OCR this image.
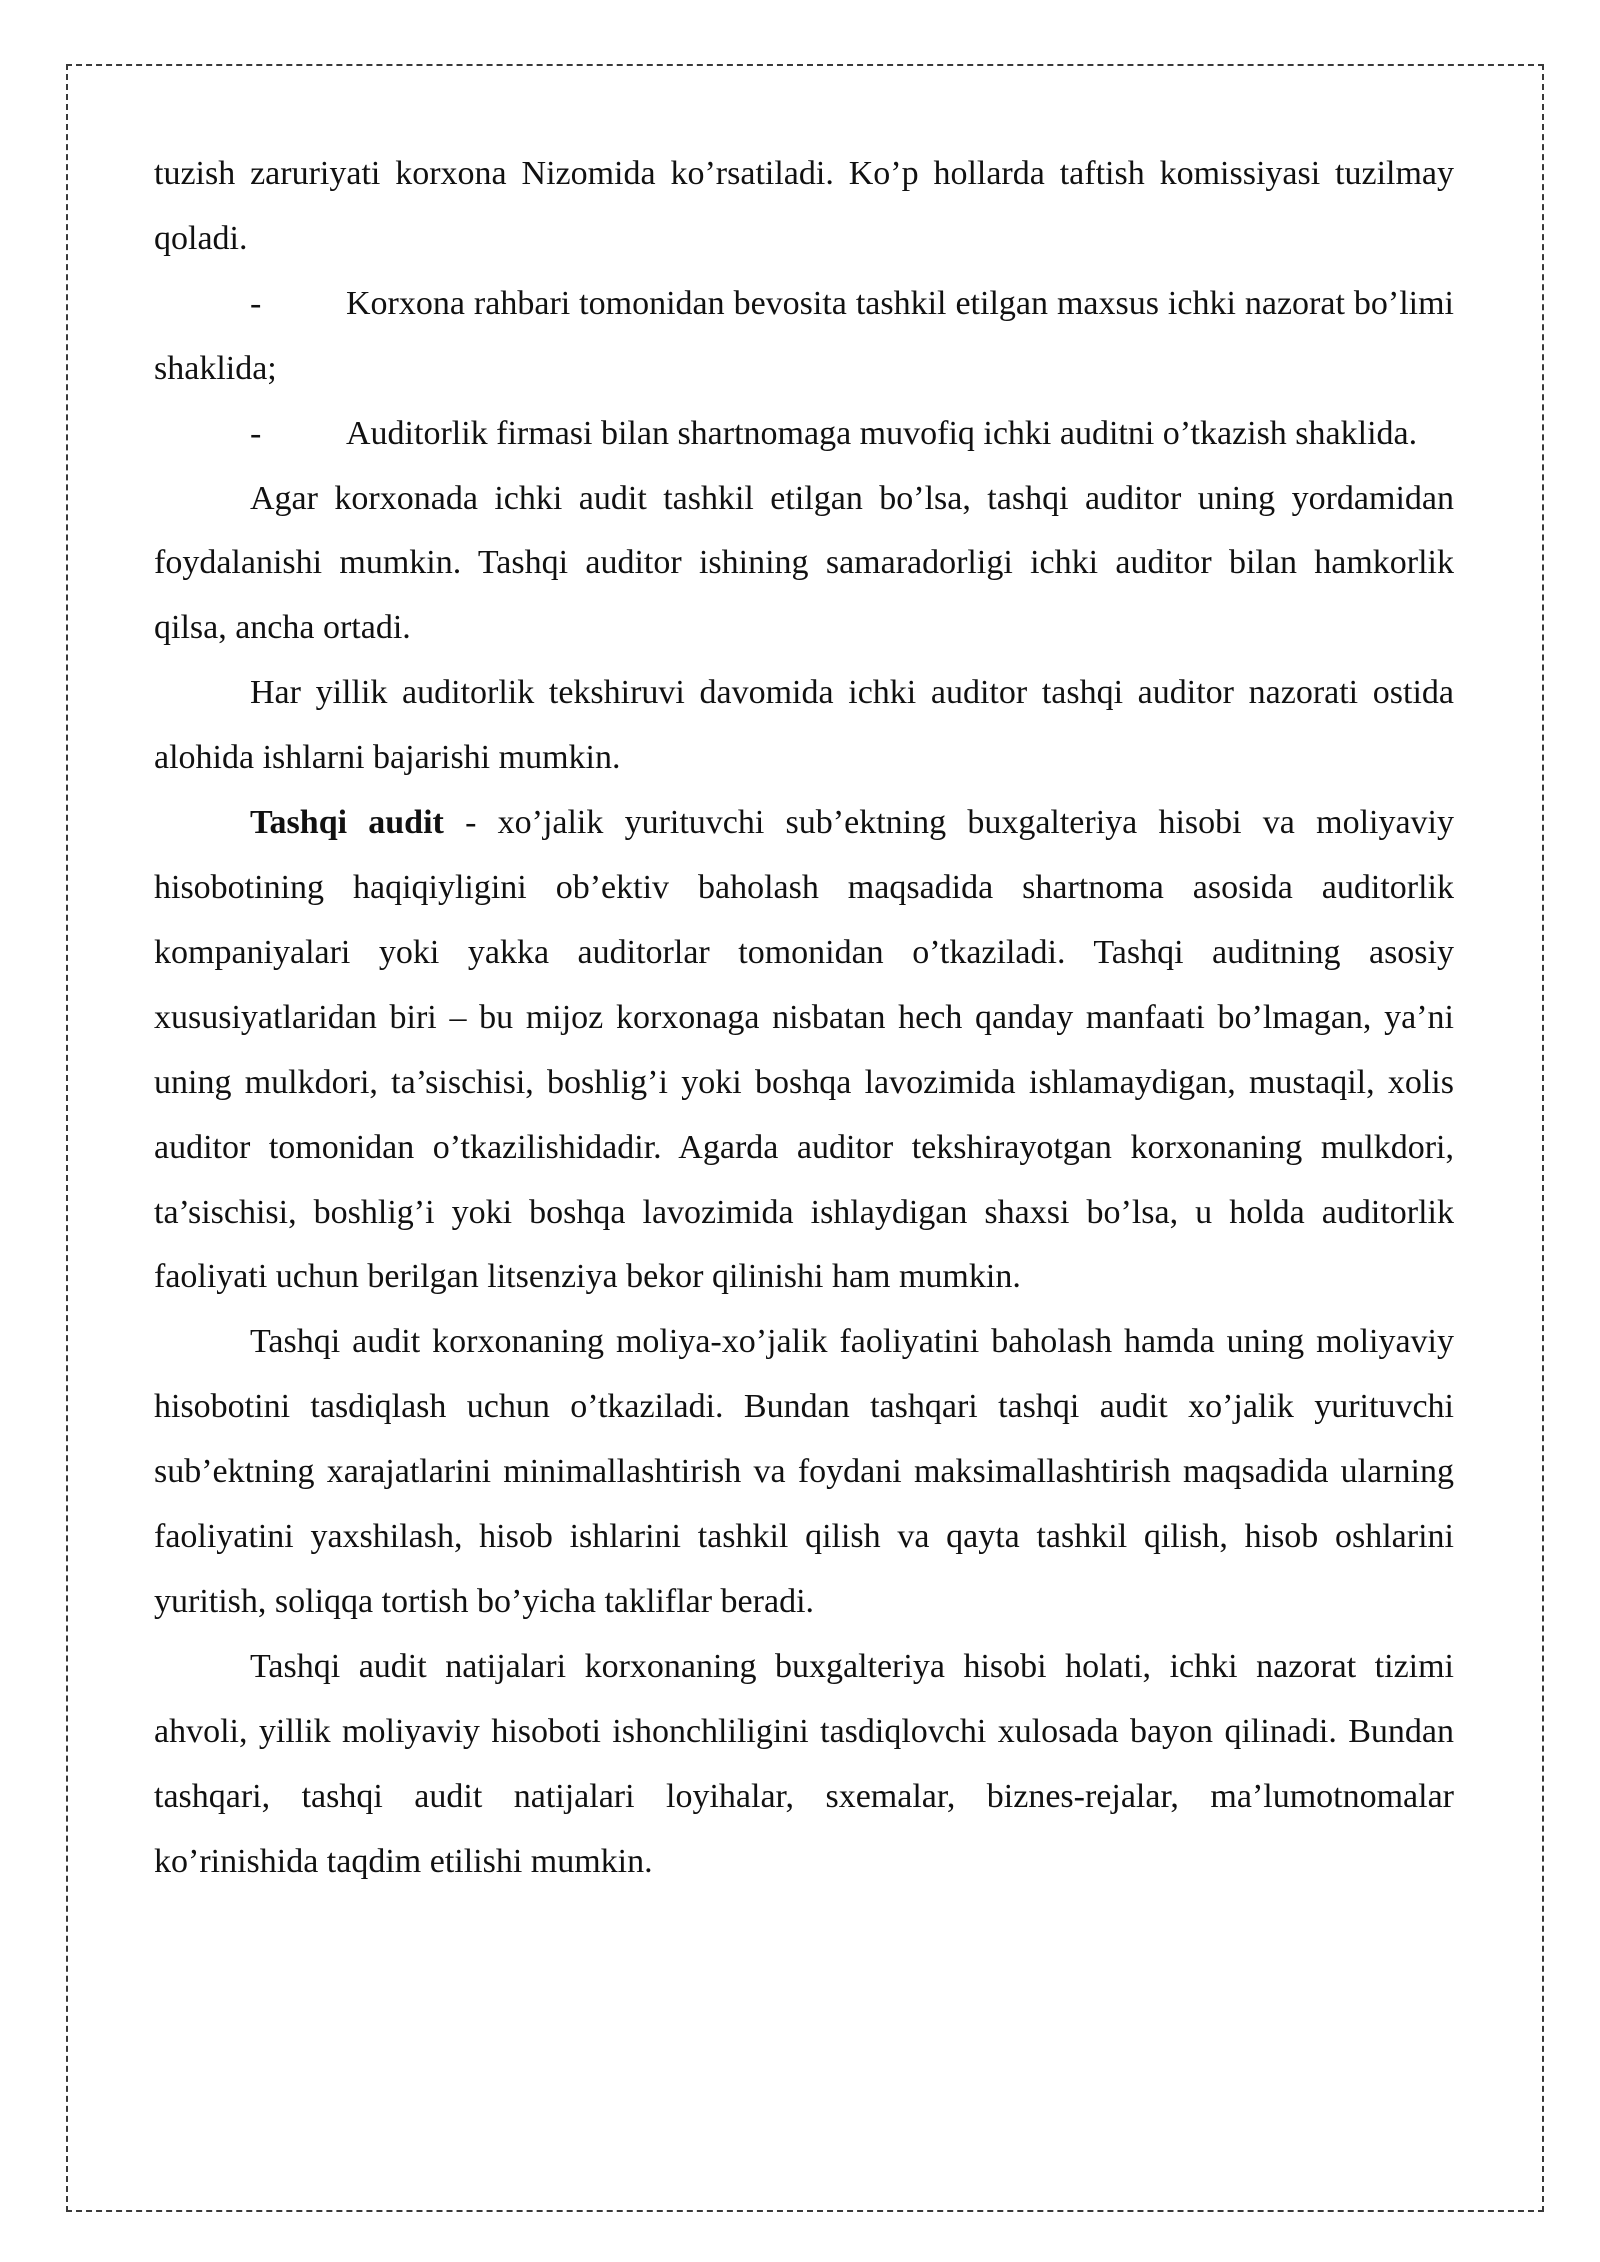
tuzish zaruriyati korxona Nizomida ko’rsatiladi. Ko’p hollarda taftish komissiyasi tuzilmay qoladi.

- Korxona rahbari tomonidan bevosita tashkil etilgan maxsus ichki nazorat bo’limi shaklida;

- Auditorlik firmasi bilan shartnomaga muvofiq ichki auditni o’tkazish shaklida.

Agar korxonada ichki audit tashkil etilgan bo’lsa, tashqi auditor uning yordamidan foydalanishi mumkin. Tashqi auditor ishining samaradorligi ichki auditor bilan hamkorlik qilsa, ancha ortadi.

Har yillik auditorlik tekshiruvi davomida ichki auditor tashqi auditor nazorati ostida alohida ishlarni bajarishi mumkin.

Tashqi audit - xo’jalik yurituvchi sub’ektning buxgalteriya hisobi va moliyaviy hisobotining haqiqiyligini ob’ektiv baholash maqsadida shartnoma asosida auditorlik kompaniyalari yoki yakka auditorlar tomonidan o’tkaziladi. Tashqi auditning asosiy xususiyatlaridan biri – bu mijoz korxonaga nisbatan hech qanday manfaati bo’lmagan, ya’ni uning mulkdori, ta’sischisi, boshlig’i yoki boshqa lavozimida ishlamaydigan, mustaqil, xolis auditor tomonidan o’tkazilishidadir. Agarda auditor tekshirayotgan korxonaning mulkdori, ta’sischisi, boshlig’i yoki boshqa lavozimida ishlaydigan shaxsi bo’lsa, u holda auditorlik faoliyati uchun berilgan litsenziya bekor qilinishi ham mumkin.

Tashqi audit korxonaning moliya-xo’jalik faoliyatini baholash hamda uning moliyaviy hisobotini tasdiqlash uchun o’tkaziladi. Bundan tashqari tashqi audit xo’jalik yurituvchi sub’ektning xarajatlarini minimallashtirish va foydani maksimallashtirish maqsadida ularning faoliyatini yaxshilash, hisob ishlarini tashkil qilish va qayta tashkil qilish, hisob oshlarini yuritish, soliqqa tortish bo’yicha takliflar beradi.

Tashqi audit natijalari korxonaning buxgalteriya hisobi holati, ichki nazorat tizimi ahvoli, yillik moliyaviy hisoboti ishonchliligini tasdiqlovchi xulosada bayon qilinadi. Bundan tashqari, tashqi audit natijalari loyihalar, sxemalar, biznes-rejalar, ma’lumotnomalar ko’rinishida taqdim etilishi mumkin.
